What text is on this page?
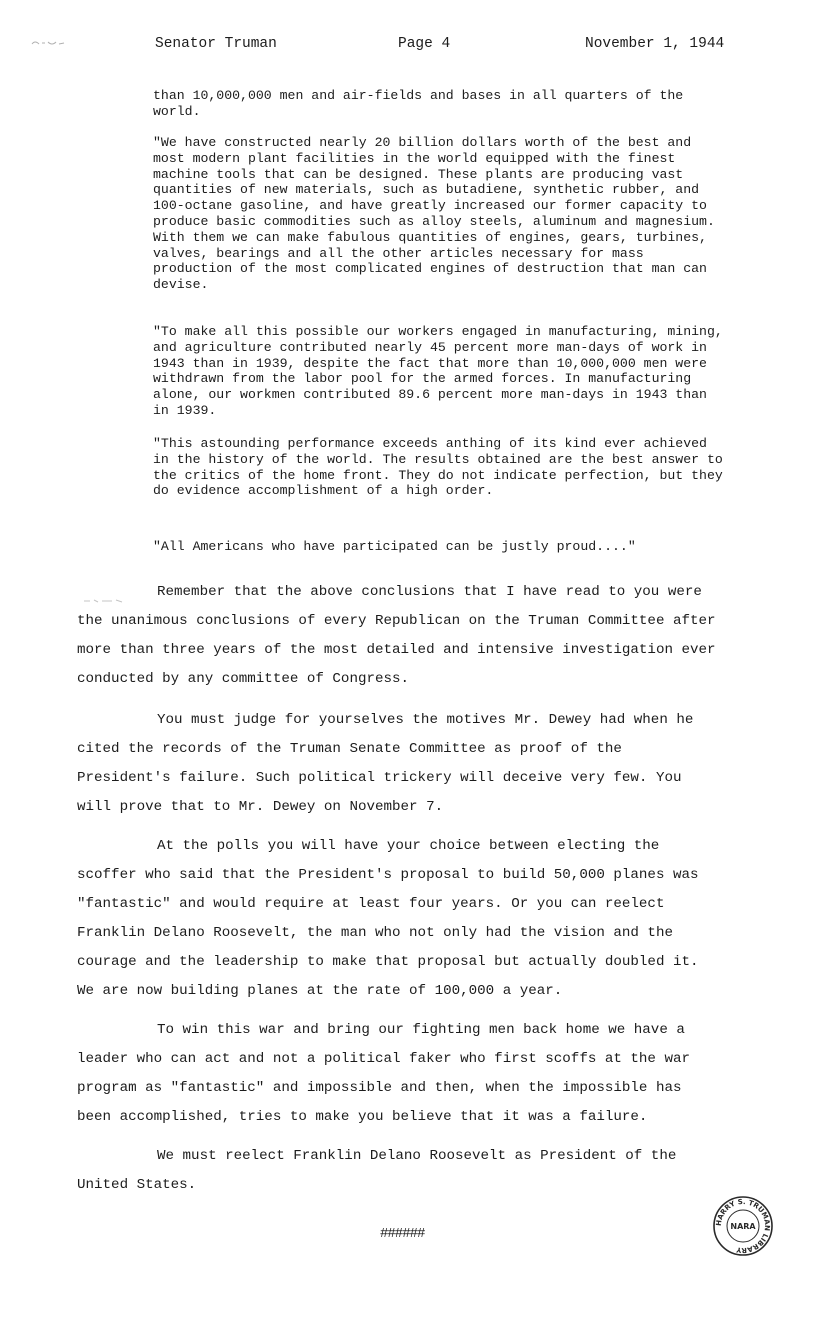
Senator Truman	Page 4	November 1, 1944

than 10,000,000 men and air-fields and bases in all quarters of the world.

"We have constructed nearly 20 billion dollars worth of the best and most modern plant facilities in the world equipped with the finest machine tools that can be designed. These plants are producing vast quantities of new materials, such as butadiene, synthetic rubber, and 100-octane gasoline, and have greatly increased our former capacity to produce basic commodities such as alloy steels, aluminum and magnesium. With them we can make fabulous quantities of engines, gears, turbines, valves, bearings and all the other articles necessary for mass production of the most complicated engines of destruction that man can devise.

"To make all this possible our workers engaged in manufacturing, mining, and agriculture contributed nearly 45 percent more man-days of work in 1943 than in 1939, despite the fact that more than 10,000,000 men were withdrawn from the labor pool for the armed forces. In manufacturing alone, our workmen contributed 89.6 percent more man-days in 1943 than in 1939.

"This astounding performance exceeds anthing of its kind ever achieved in the history of the world. The results obtained are the best answer to the critics of the home front. They do not indicate perfection, but they do evidence accomplishment of a high order.

"All Americans who have participated can be justly proud...."

Remember that the above conclusions that I have read to you were the unanimous conclusions of every Republican on the Truman Committee after more than three years of the most detailed and intensive investigation ever conducted by any committee of Congress.

You must judge for yourselves the motives Mr. Dewey had when he cited the records of the Truman Senate Committee as proof of the President's failure. Such political trickery will deceive very few. You will prove that to Mr. Dewey on November 7.

At the polls you will have your choice between electing the scoffer who said that the President's proposal to build 50,000 planes was "fantastic" and would require at least four years. Or you can reelect Franklin Delano Roosevelt, the man who not only had the vision and the courage and the leadership to make that proposal but actually doubled it. We are now building planes at the rate of 100,000 a year.

To win this war and bring our fighting men back home we have a leader who can act and not a political faker who first scoffs at the war program as "fantastic" and impossible and then, when the impossible has been accomplished, tries to make you believe that it was a failure.

We must reelect Franklin Delano Roosevelt as President of the United States.

######
HARRY S. TRUMAN LIBRARY
NARA
